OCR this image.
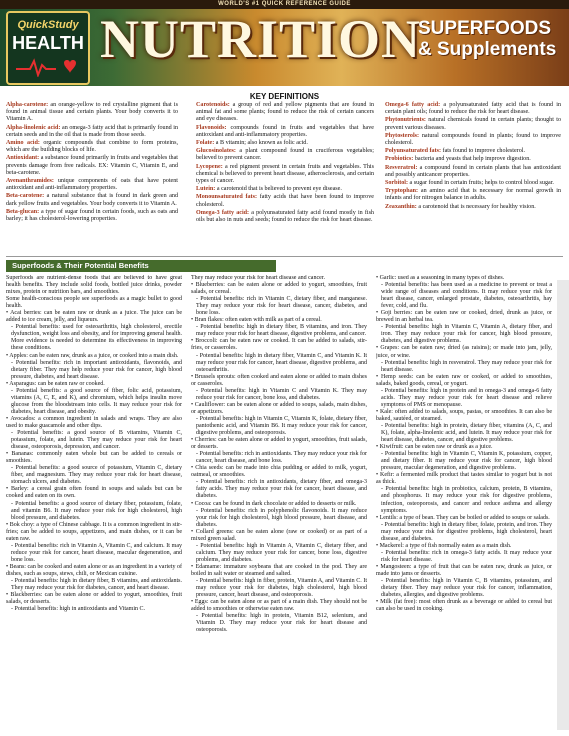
WORLD'S #1 QUICK REFERENCE GUIDE
QuickStudy
HEALTH NUTRITION
SUPERFOODS
& Supplements
KEY DEFINITIONS

Alpha-carotene: an orange-yellow to red crystalline pigment that is found in animal tissue and certain plants. Your body converts it to Vitamin A.

Alpha-linolenic acid: an omega-3 fatty acid that is primarily found in certain seeds and in the oil that is made from those seeds.

Amino acid: organic compounds that combine to form proteins, which are the building blocks of life.

Antioxidant: a substance found primarily in fruits and vegetables that prevents damage from free radicals. EX: Vitamin C, Vitamin E, and beta-carotene.

Avenanthramides: unique components of oats that have potent antioxidant and anti-inflammatory properties.

Beta-carotene: a natural substance that is found in dark green and dark yellow fruits and vegetables. Your body converts it to Vitamin A.

Beta-glucan: a type of sugar found in certain foods, such as oats and barley; it has cholesterol-lowering properties.

Carotenoids: a group of red and yellow pigments that are found in animal fat and some plants; found to reduce the risk of certain cancers and eye diseases.

Flavonoids: compounds found in fruits and vegetables that have antioxidant and anti-inflammatory properties.

Folate: a B vitamin; also known as folic acid.

Glucosinolates: a plant compound found in cruciferous vegetables; believed to prevent cancer.

Lycopene: a red pigment present in certain fruits and vegetables. This chemical is believed to prevent heart disease, atherosclerosis, and certain types of cancer.

Lutein: a carotenoid that is believed to prevent eye disease.

Monounsaturated fats: fatty acids that have been found to improve cholesterol.

Omega-3 fatty acid: a polyunsaturated fatty acid found mostly in fish oils but also in nuts and seeds; found to reduce the risk for heart disease.

Omega-6 fatty acid: a polyunsaturated fatty acid that is found in certain plant oils; found to reduce the risk for heart disease.

Phytonutrients: natural chemicals found in certain plants; thought to prevent various diseases.

Phytosterols: natural compounds found in plants; found to improve cholesterol.

Polyunsaturated fats: fats found to improve cholesterol.

Probiotics: bacteria and yeasts that help improve digestion.

Resveratrol: a compound found in certain plants that has antioxidant and possibly anticancer properties.

Sorbitol: a sugar found in certain fruits; helps to control blood sugar.

Tryptophan: an amino acid that is necessary for normal growth in infants and for nitrogen balance in adults.

Zeaxanthin: a carotenoid that is necessary for healthy vision.

Superfoods & Their Potential Benefits

Superfoods are nutrient-dense foods that are believed to have great health benefits. They include solid foods, bottled juice drinks, powder mixes, protein or nutrition bars, and smoothies.

Some health-conscious people see superfoods as a magic bullet to good health.

• Acai berries: can be eaten raw or drunk as a juice. The juice can be added to ice cream, jelly, and liqueurs.

- Potential benefits: used for osteoarthritis, high cholesterol, erectile dysfunction, weight loss and obesity, and for improving general health. More evidence is needed to determine its effectiveness in improving these conditions.

• Apples: can be eaten raw, drunk as a juice, or cooked into a main dish.

- Potential benefits: rich in important antioxidants, flavonoids, and dietary fiber. They may help reduce your risk for cancer, high blood pressure, diabetes, and heart disease.

• Asparagus: can be eaten raw or cooked.

- Potential benefits: a good source of fiber, folic acid, potassium, vitamins (A, C, E, and K), and chromium, which helps insulin move glucose from the bloodstream into cells. It may reduce your risk for diabetes, heart disease, and obesity.

• Avocados: a common ingredient in salads and wraps. They are also used to make guacamole and other dips.

- Potential benefits: a good source of B vitamins, Vitamin C, potassium, folate, and lutein. They may reduce your risk for heart disease, osteoporosis, depression, and cancer.

• Bananas: commonly eaten whole but can be added to cereals or smoothies.

- Potential benefits: a good source of potassium, Vitamin C, dietary fiber, and magnesium. They may reduce your risk for heart disease, stomach ulcers, and diabetes.

• Barley: a cereal grain often found in soups and salads but can be cooked and eaten on its own.

- Potential benefits: a good source of dietary fiber, potassium, folate, and vitamin B6. It may reduce your risk for high cholesterol, high blood pressure, and diabetes.

• Bok choy: a type of Chinese cabbage. It is a common ingredient in stir-fries; can be added to soups, appetizers, and main dishes, or it can be eaten raw.

- Potential benefits: rich in Vitamin A, Vitamin C, and calcium. It may reduce your risk for cancer, heart disease, macular degeneration, and bone loss.

• Beans: can be cooked and eaten alone or as an ingredient in a variety of dishes, such as soups, stews, chili, or Mexican cuisine.

- Potential benefits: high in dietary fiber, B vitamins, and antioxidants. They may reduce your risk for diabetes, cancer, and heart disease.

• Blackberries: can be eaten alone or added to yogurt, smoothies, fruit salads, or desserts.

- Potential benefits: high in antioxidants and Vitamin C.

They may reduce your risk for heart disease and cancer.

• Blueberries: can be eaten alone or added to yogurt, smoothies, fruit salads, or cereal.

- Potential benefits: rich in Vitamin C, dietary fiber, and manganese. They may reduce your risk for heart disease, cancer, diabetes, and bone loss.

• Bran flakes: often eaten with milk as part of a cereal.

- Potential benefits: high in dietary fiber, B vitamins, and iron. They may reduce your risk for heart disease, digestive problems, and cancer.

• Broccoli: can be eaten raw or cooked. It can be added to salads, stir-fries, or casseroles.

- Potential benefits: high in dietary fiber, Vitamin C, and Vitamin K. It may reduce your risk for cancer, heart disease, digestive problems, and osteoarthritis.

• Brussels sprouts: often cooked and eaten alone or added to main dishes or casseroles.

- Potential benefits: high in Vitamin C and Vitamin K. They may reduce your risk for cancer, bone loss, and diabetes.

• Cauliflower: can be eaten alone or added to soups, salads, main dishes, or appetizers.

- Potential benefits: high in Vitamin C, Vitamin K, folate, dietary fiber, pantothenic acid, and Vitamin B6. It may reduce your risk for cancer, digestive problems, and osteoporosis.

• Cherries: can be eaten alone or added to yogurt, smoothies, fruit salads, or desserts.

- Potential benefits: rich in antioxidants. They may reduce your risk for cancer, heart disease, and bone loss.

• Chia seeds: can be made into chia pudding or added to milk, yogurt, oatmeal, or smoothies.

- Potential benefits: rich in antioxidants, dietary fiber, and omega-3 fatty acids. They may reduce your risk for cancer, heart disease, and diabetes.

• Cocoa: can be found in dark chocolate or added to desserts or milk.

- Potential benefits: rich in polyphenolic flavonoids. It may reduce your risk for high cholesterol, high blood pressure, heart disease, and diabetes.

• Collard greens: can be eaten alone (raw or cooked) or as part of a mixed green salad.

- Potential benefits: high in Vitamin A, Vitamin C, dietary fiber, and calcium. They may reduce your risk for cancer, bone loss, digestive problems, and diabetes.

• Edamame: immature soybeans that are cooked in the pod. They are boiled in salt water or steamed and salted.

- Potential benefits: high in fiber, protein, Vitamin A, and Vitamin C. It may reduce your risk for diabetes, high cholesterol, high blood pressure, cancer, heart disease, and osteoporosis.

• Eggs: can be eaten alone or as part of a main dish. They should not be added to smoothies or otherwise eaten raw.

- Potential benefits: high in protein, Vitamin B12, selenium, and Vitamin D. They may reduce your risk for heart disease and osteoporosis.

• Garlic: used as a seasoning in many types of dishes.

- Potential benefits: has been used as a medicine to prevent or treat a wide range of diseases and conditions. It may reduce your risk for heart disease, cancer, enlarged prostate, diabetes, osteoarthritis, hay fever, cold, and flu.

• Goji berries: can be eaten raw or cooked, dried, drunk as juice, or brewed in an herbal tea.

- Potential benefits: high in Vitamin C, Vitamin A, dietary fiber, and iron. They may reduce your risk for cancer, high blood pressure, diabetes, and digestive problems.

• Grapes: can be eaten raw; dried (as raisins); or made into jam, jelly, juice, or wine.

- Potential benefits: high in resveratrol. They may reduce your risk for heart disease.

• Hemp seeds: can be eaten raw or cooked, or added to smoothies, salads, baked goods, cereal, or yogurt.

- Potential benefits: high in protein and in omega-3 and omega-6 fatty acids. They may reduce your risk for heart disease and relieve symptoms of PMS or menopause.

• Kale: often added to salads, soups, pastas, or smoothies. It can also be baked, sautéed, or steamed.

- Potential benefits: high in protein, dietary fiber, vitamins (A, C, and K), folate, alpha-linolenic acid, and lutein. It may reduce your risk for heart disease, diabetes, cancer, and digestive problems.

• Kiwifruit: can be eaten raw or drunk as a juice.

- Potential benefits: high in Vitamin C, Vitamin K, potassium, copper, and dietary fiber. It may reduce your risk for cancer, high blood pressure, macular degeneration, and digestive problems.

• Kefir: a fermented milk product that tastes similar to yogurt but is not as thick.

- Potential benefits: high in probiotics, calcium, protein, B vitamins, and phosphorus. It may reduce your risk for digestive problems, infection, osteoporosis, and cancer and reduce asthma and allergy symptoms.

• Lentils: a type of bean. They can be boiled or added to soups or salads.

- Potential benefits: high in dietary fiber, folate, protein, and iron. They may reduce your risk for digestive problems, high cholesterol, heart disease, and diabetes.

• Mackerel: a type of fish normally eaten as a main dish.

- Potential benefits: rich in omega-3 fatty acids. It may reduce your risk for heart disease.

• Mangosteen: a type of fruit that can be eaten raw, drunk as juice, or made into jams or desserts.

- Potential benefits: high in Vitamin C, B vitamins, potassium, and dietary fiber. They may reduce your risk for cancer, inflammation, diabetes, allergies, and digestive problems.

• Milk (fat free): most often drunk as a beverage or added to cereal but can also be used in cooking.
